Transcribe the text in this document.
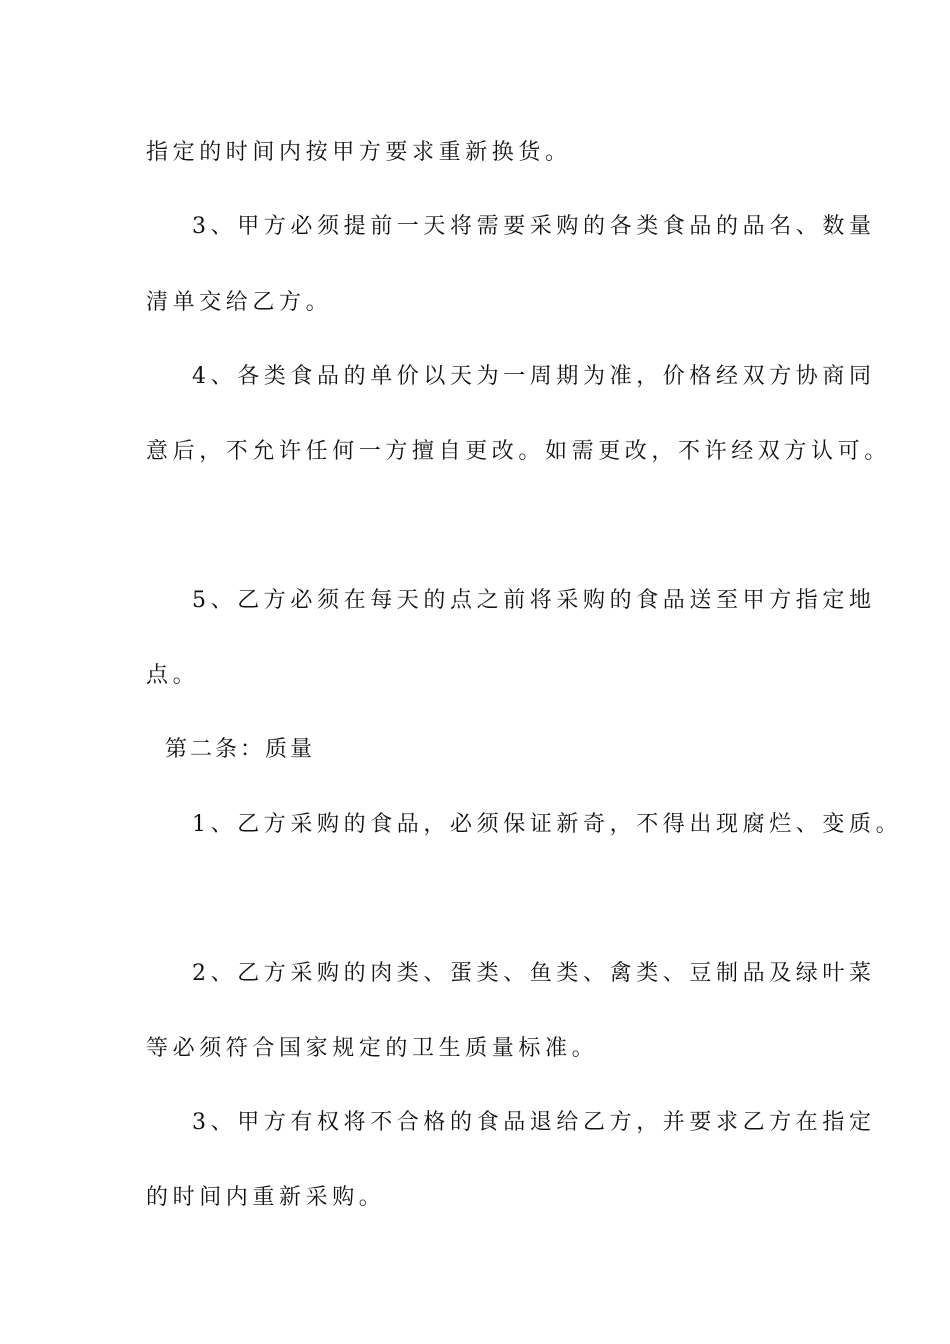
指定的时间内按甲方要求重新换货。
3、甲方必须提前一天将需要采购的各类食品的品名、数量
清单交给乙方。
4、各类食品的单价以天为一周期为准，价格经双方协商同
意后，不允许任何一方擅自更改。如需更改，不许经双方认可。
5、乙方必须在每天的点之前将采购的食品送至甲方指定地
点。
第二条：质量
1、乙方采购的食品，必须保证新奇，不得出现腐烂、变质。
2、乙方采购的肉类、蛋类、鱼类、禽类、豆制品及绿叶菜
等必须符合国家规定的卫生质量标准。
3、甲方有权将不合格的食品退给乙方，并要求乙方在指定
的时间内重新采购。
